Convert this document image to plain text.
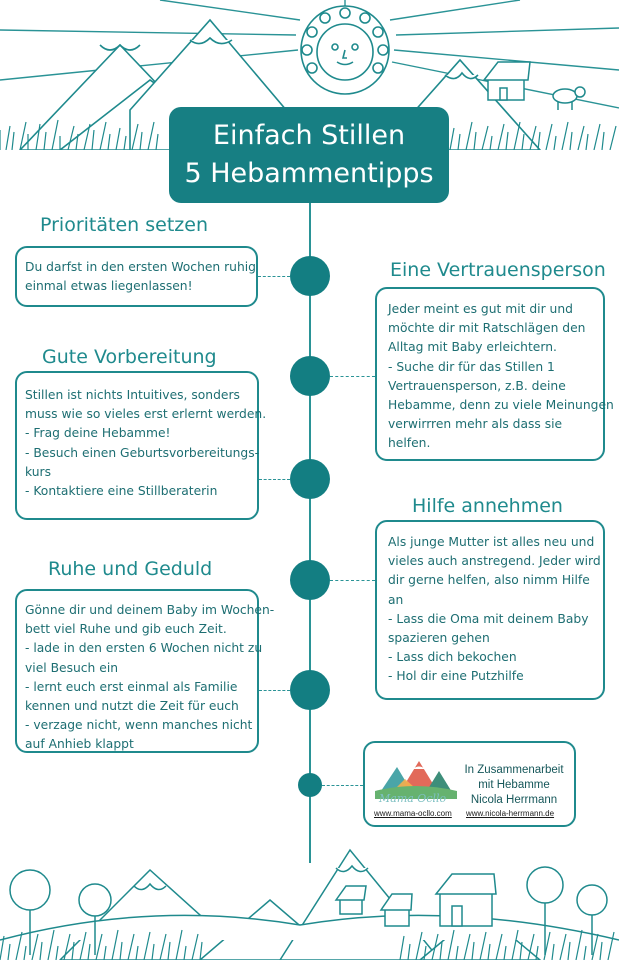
Einfach Stillen
5 Hebammentipps
Prioritäten setzen
Du darfst in den ersten Wochen ruhig
einmal etwas liegenlassen!
Eine Vertrauensperson
Jeder meint es gut mit dir und
möchte dir mit Ratschlägen den
Alltag mit Baby erleichtern.
- Suche dir für das Stillen 1
Vertrauensperson, z.B. deine
Hebamme, denn zu viele Meinungen
verwirrren mehr als dass sie
helfen.
Gute Vorbereitung
Stillen ist nichts Intuitives, sonders
muss wie so vieles erst erlernt werden.
- Frag deine Hebamme!
- Besuch einen Geburtsvorbereitungs-
kurs
- Kontaktiere eine Stillberaterin
Hilfe annehmen
Als junge Mutter ist alles neu und
vieles auch anstregend. Jeder wird
dir gerne helfen, also nimm Hilfe
an
- Lass die Oma mit deinem Baby
spazieren gehen
- Lass dich bekochen
- Hol dir eine Putzhilfe
Ruhe und Geduld
Gönne dir und deinem Baby im Wochen-
bett viel Ruhe und gib euch Zeit.
- lade in den ersten 6 Wochen nicht zu
viel Besuch ein
- lernt euch erst einmal als Familie
kennen und nutzt die Zeit für euch
- verzage nicht, wenn manches nicht
auf Anhieb klappt
Mama Ocllo
In Zusammenarbeit
mit Hebamme
Nicola Herrmann
www.mama-ocllo.com www.nicola-herrmann.de
